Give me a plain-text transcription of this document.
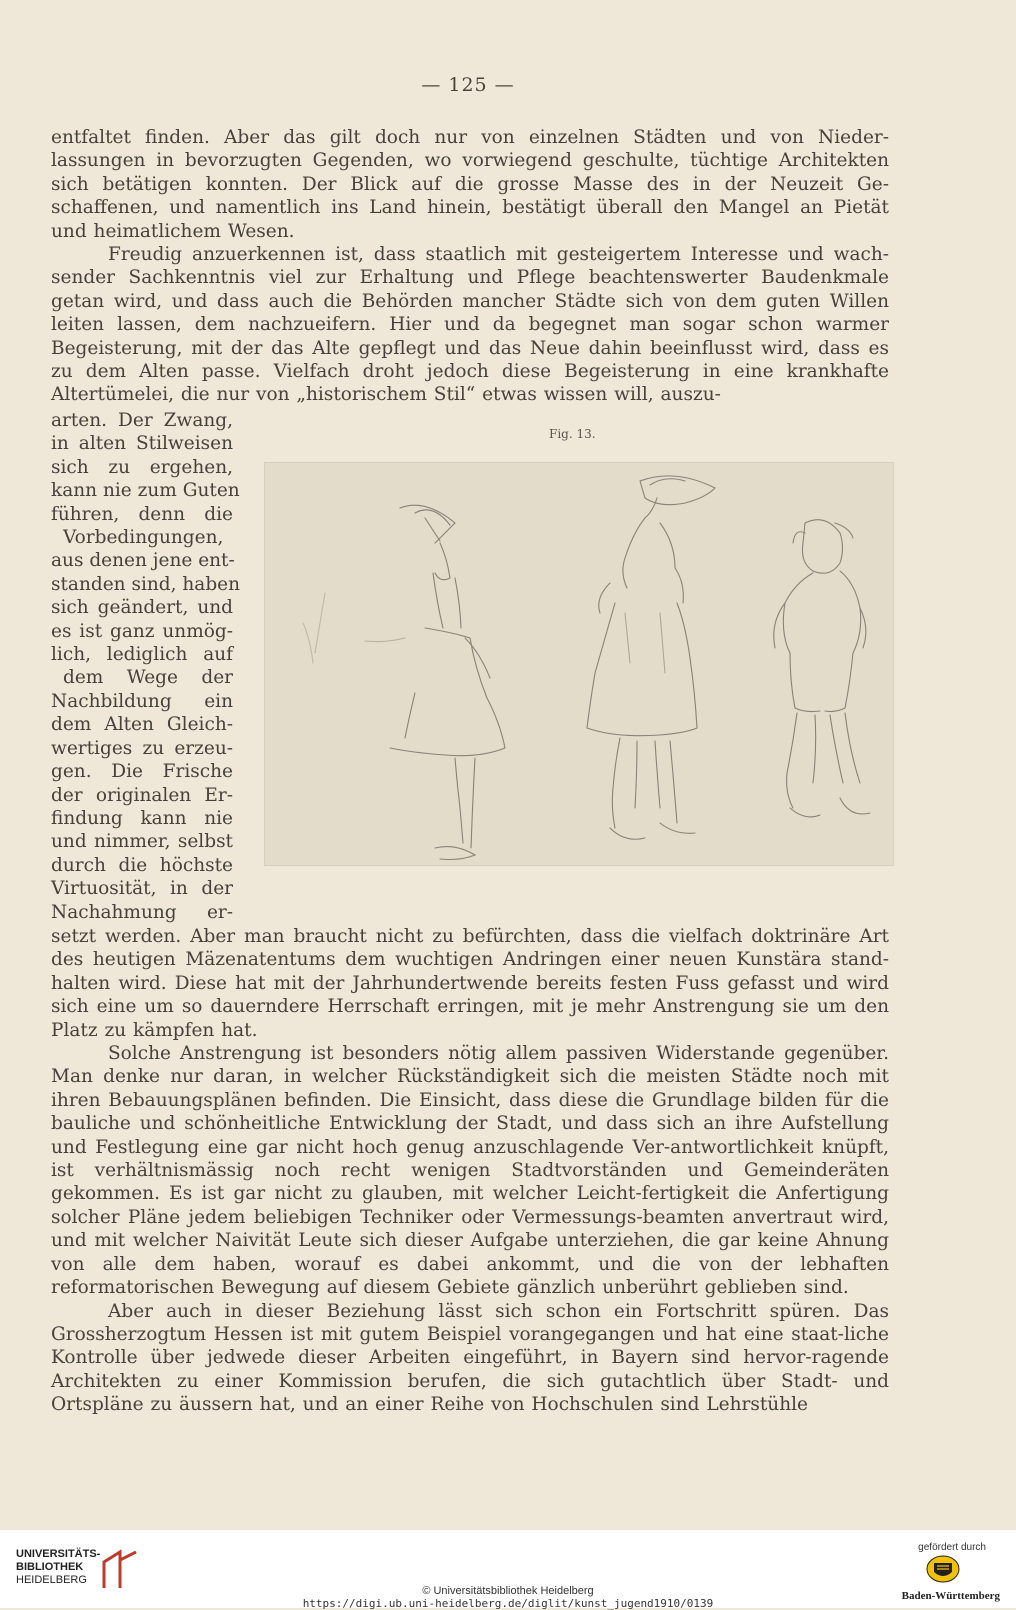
— 125 —

entfaltet finden. Aber das gilt doch nur von einzelnen Städten und von Nieder-lassungen in bevorzugten Gegenden, wo vorwiegend geschulte, tüchtige Architekten sich betätigen konnten. Der Blick auf die grosse Masse des in der Neuzeit Ge-schaffenen, und namentlich ins Land hinein, bestätigt überall den Mangel an Pietät und heimatlichem Wesen.

Freudig anzuerkennen ist, dass staatlich mit gesteigertem Interesse und wach-sender Sachkenntnis viel zur Erhaltung und Pflege beachtenswerter Baudenkmale getan wird, und dass auch die Behörden mancher Städte sich von dem guten Willen leiten lassen, dem nachzueifern. Hier und da begegnet man sogar schon warmer Begeisterung, mit der das Alte gepflegt und das Neue dahin beeinflusst wird, dass es zu dem Alten passe. Vielfach droht jedoch diese Begeisterung in eine krankhafte Altertümelei, die nur von „historischem Stil“ etwas wissen will, auszu-

arten. Der Zwang,
in alten Stilweisen
sich zu ergehen,
kann nie zum Guten
führen, denn die
Vorbedingungen,
aus denen jene ent-
standen sind, haben
sich geändert, und
es ist ganz unmög-
lich, lediglich auf
dem Wege der
Nachbildung ein
dem Alten Gleich-
wertiges zu erzeu-
gen. Die Frische
der originalen Er-
findung kann nie
und nimmer, selbst
durch die höchste
Virtuosität, in der
Nachahmung er-
Fig. 13.

setzt werden. Aber man braucht nicht zu befürchten, dass die vielfach doktrinäre Art des heutigen Mäzenatentums dem wuchtigen Andringen einer neuen Kunstära stand-halten wird. Diese hat mit der Jahrhundertwende bereits festen Fuss gefasst und wird sich eine um so dauerndere Herrschaft erringen, mit je mehr Anstrengung sie um den Platz zu kämpfen hat.

Solche Anstrengung ist besonders nötig allem passiven Widerstande gegenüber. Man denke nur daran, in welcher Rückständigkeit sich die meisten Städte noch mit ihren Bebauungsplänen befinden. Die Einsicht, dass diese die Grundlage bilden für die bauliche und schönheitliche Entwicklung der Stadt, und dass sich an ihre Aufstellung und Festlegung eine gar nicht hoch genug anzuschlagende Ver-antwortlichkeit knüpft, ist verhältnismässig noch recht wenigen Stadtvorständen und Gemeinderäten gekommen. Es ist gar nicht zu glauben, mit welcher Leicht-fertigkeit die Anfertigung solcher Pläne jedem beliebigen Techniker oder Vermessungs-beamten anvertraut wird, und mit welcher Naivität Leute sich dieser Aufgabe unterziehen, die gar keine Ahnung von alle dem haben, worauf es dabei ankommt, und die von der lebhaften reformatorischen Bewegung auf diesem Gebiete gänzlich unberührt geblieben sind.

Aber auch in dieser Beziehung lässt sich schon ein Fortschritt spüren. Das Grossherzogtum Hessen ist mit gutem Beispiel vorangegangen und hat eine staat-liche Kontrolle über jedwede dieser Arbeiten eingeführt, in Bayern sind hervor-ragende Architekten zu einer Kommission berufen, die sich gutachtlich über Stadt- und Ortspläne zu äussern hat, und an einer Reihe von Hochschulen sind Lehrstühle

UNIVERSITÄTS-
BIBLIOTHEK
HEIDELBERG
© Universitätsbibliothek Heidelberg
https://digi.ub.uni-heidelberg.de/diglit/kunst_jugend1910/0139
gefördert durch
Baden-Württemberg
